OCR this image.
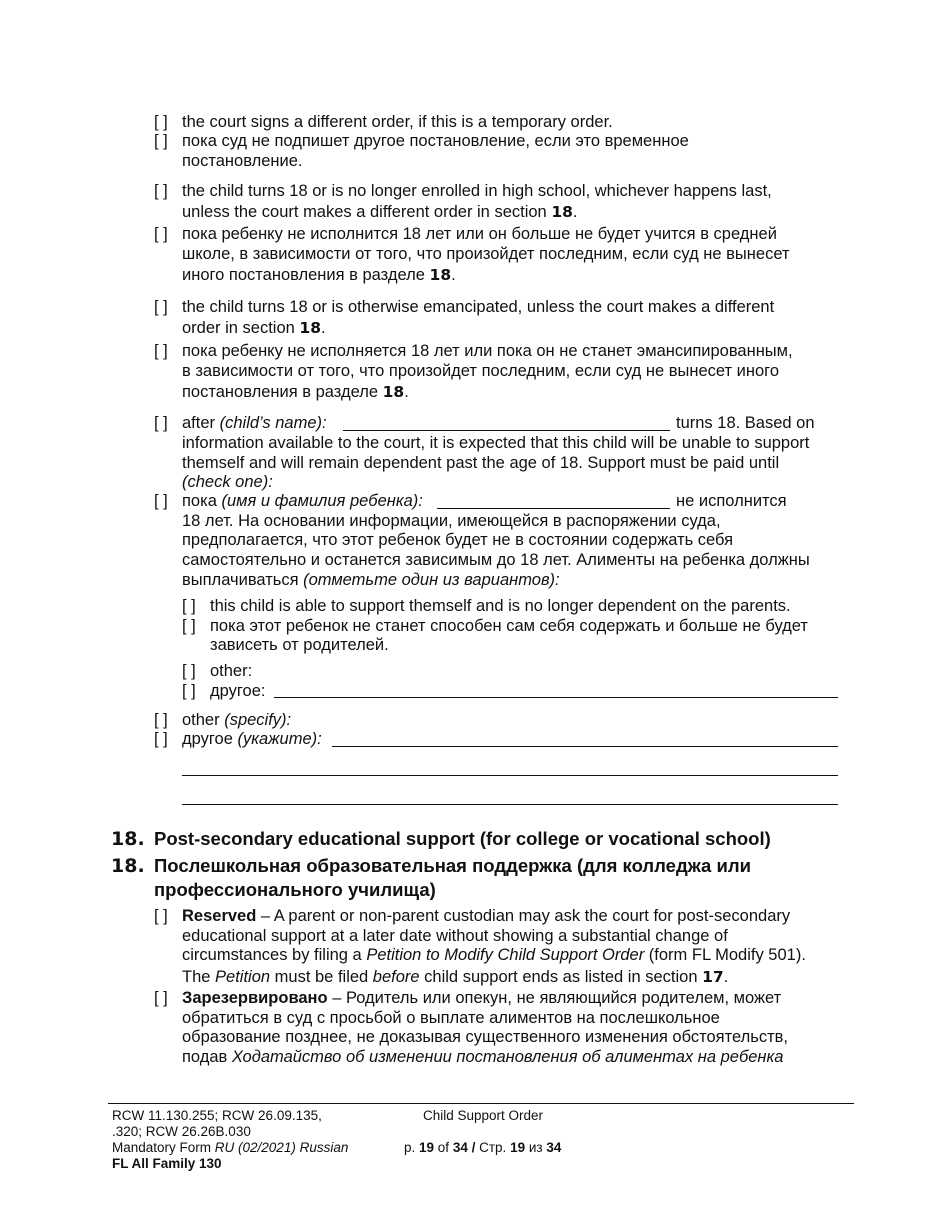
[ ] the court signs a different order, if this is a temporary order.
[ ] пока суд не подпишет другое постановление, если это временное
постановление.
[ ] the child turns 18 or is no longer enrolled in high school, whichever happens last,
unless the court makes a different order in section 18.
[ ] пока ребенку не исполнится 18 лет или он больше не будет учится в средней
школе, в зависимости от того, что произойдет последним, если суд не вынесет
иного постановления в разделе 18.
[ ] the child turns 18 or is otherwise emancipated, unless the court makes a different
order in section 18.
[ ] пока ребенку не исполняется 18 лет или пока он не станет эмансипированным,
в зависимости от того, что произойдет последним, если суд не вынесет иного
постановления в разделе 18.
[ ] after (child’s name):	turns 18. Based on
information available to the court, it is expected that this child will be unable to support
themself and will remain dependent past the age of 18. Support must be paid until
(check one):
[ ] пока (имя и фамилия ребенка):	не исполнится
18 лет. На основании информации, имеющейся в распоряжении суда,
предполагается, что этот ребенок будет не в состоянии содержать себя
самостоятельно и останется зависимым до 18 лет. Алименты на ребенка должны
выплачиваться (отметьте один из вариантов):
[ ] this child is able to support themself and is no longer dependent on the parents.
[ ] пока этот ребенок не станет способен сам себя содержать и больше не будет
зависеть от родителей.
[ ] other:
[ ] другое:
[ ] other (specify):
[ ] другое (укажите):
18. Post-secondary educational support (for college or vocational school)
18. Послешкольная образовательная поддержка (для колледжа или
профессионального училища)
[ ] Reserved – A parent or non-parent custodian may ask the court for post-secondary
educational support at a later date without showing a substantial change of
circumstances by filing a Petition to Modify Child Support Order (form FL Modify 501).
The Petition must be filed before child support ends as listed in section 17.
[ ] Зарезервировано – Родитель или опекун, не являющийся родителем, может
обратиться в суд с просьбой о выплате алиментов на послешкольное
образование позднее, не доказывая существенного изменения обстоятельств,
подав Ходатайство об изменении постановления об алиментах на ребенка
RCW 11.130.255; RCW 26.09.135,
.320; RCW 26.26B.030
Mandatory Form RU (02/2021) Russian
FL All Family 130
Child Support Order
p. 19 of 34 / Стр. 19 из 34
